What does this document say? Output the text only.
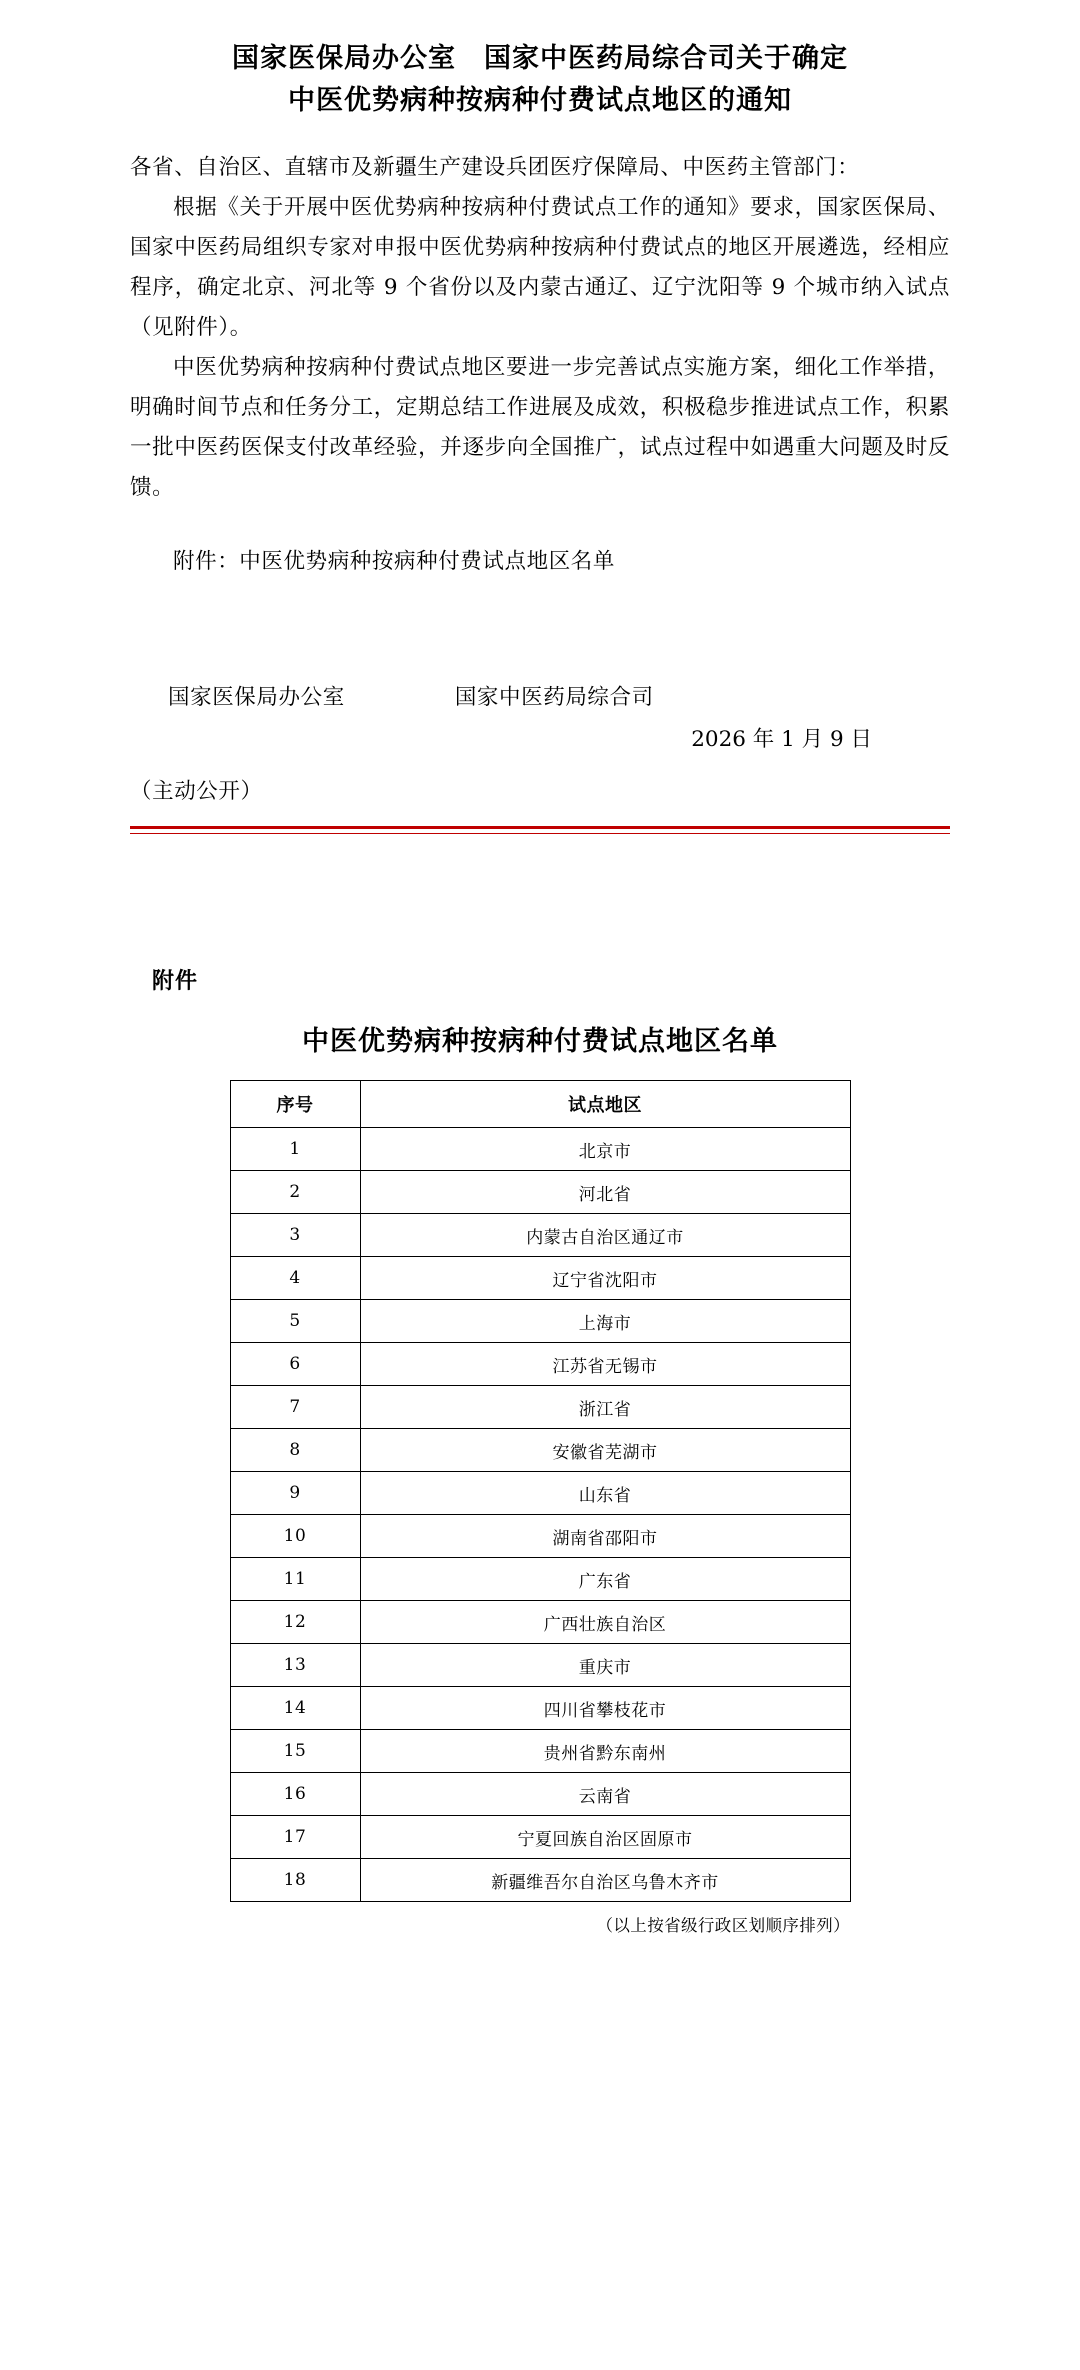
国家医保局办公室　国家中医药局综合司关于确定
中医优势病种按病种付费试点地区的通知

各省、自治区、直辖市及新疆生产建设兵团医疗保障局、中医药主管部门：

根据《关于开展中医优势病种按病种付费试点工作的通知》要求，国家医保局、国家中医药局组织专家对申报中医优势病种按病种付费试点的地区开展遴选，经相应程序，确定北京、河北等 9 个省份以及内蒙古通辽、辽宁沈阳等 9 个城市纳入试点（见附件）。

中医优势病种按病种付费试点地区要进一步完善试点实施方案，细化工作举措，明确时间节点和任务分工，定期总结工作进展及成效，积极稳步推进试点工作，积累一批中医药医保支付改革经验，并逐步向全国推广，试点过程中如遇重大问题及时反馈。

附件：中医优势病种按病种付费试点地区名单

国家医保局办公室	国家中医药局综合司
2026 年 1 月 9 日
（主动公开）
附件
中医优势病种按病种付费试点地区名单
序号	试点地区
1	北京市
2	河北省
3	内蒙古自治区通辽市
4	辽宁省沈阳市
5	上海市
6	江苏省无锡市
7	浙江省
8	安徽省芜湖市
9	山东省
10	湖南省邵阳市
11	广东省
12	广西壮族自治区
13	重庆市
14	四川省攀枝花市
15	贵州省黔东南州
16	云南省
17	宁夏回族自治区固原市
18	新疆维吾尔自治区乌鲁木齐市
（以上按省级行政区划顺序排列）
